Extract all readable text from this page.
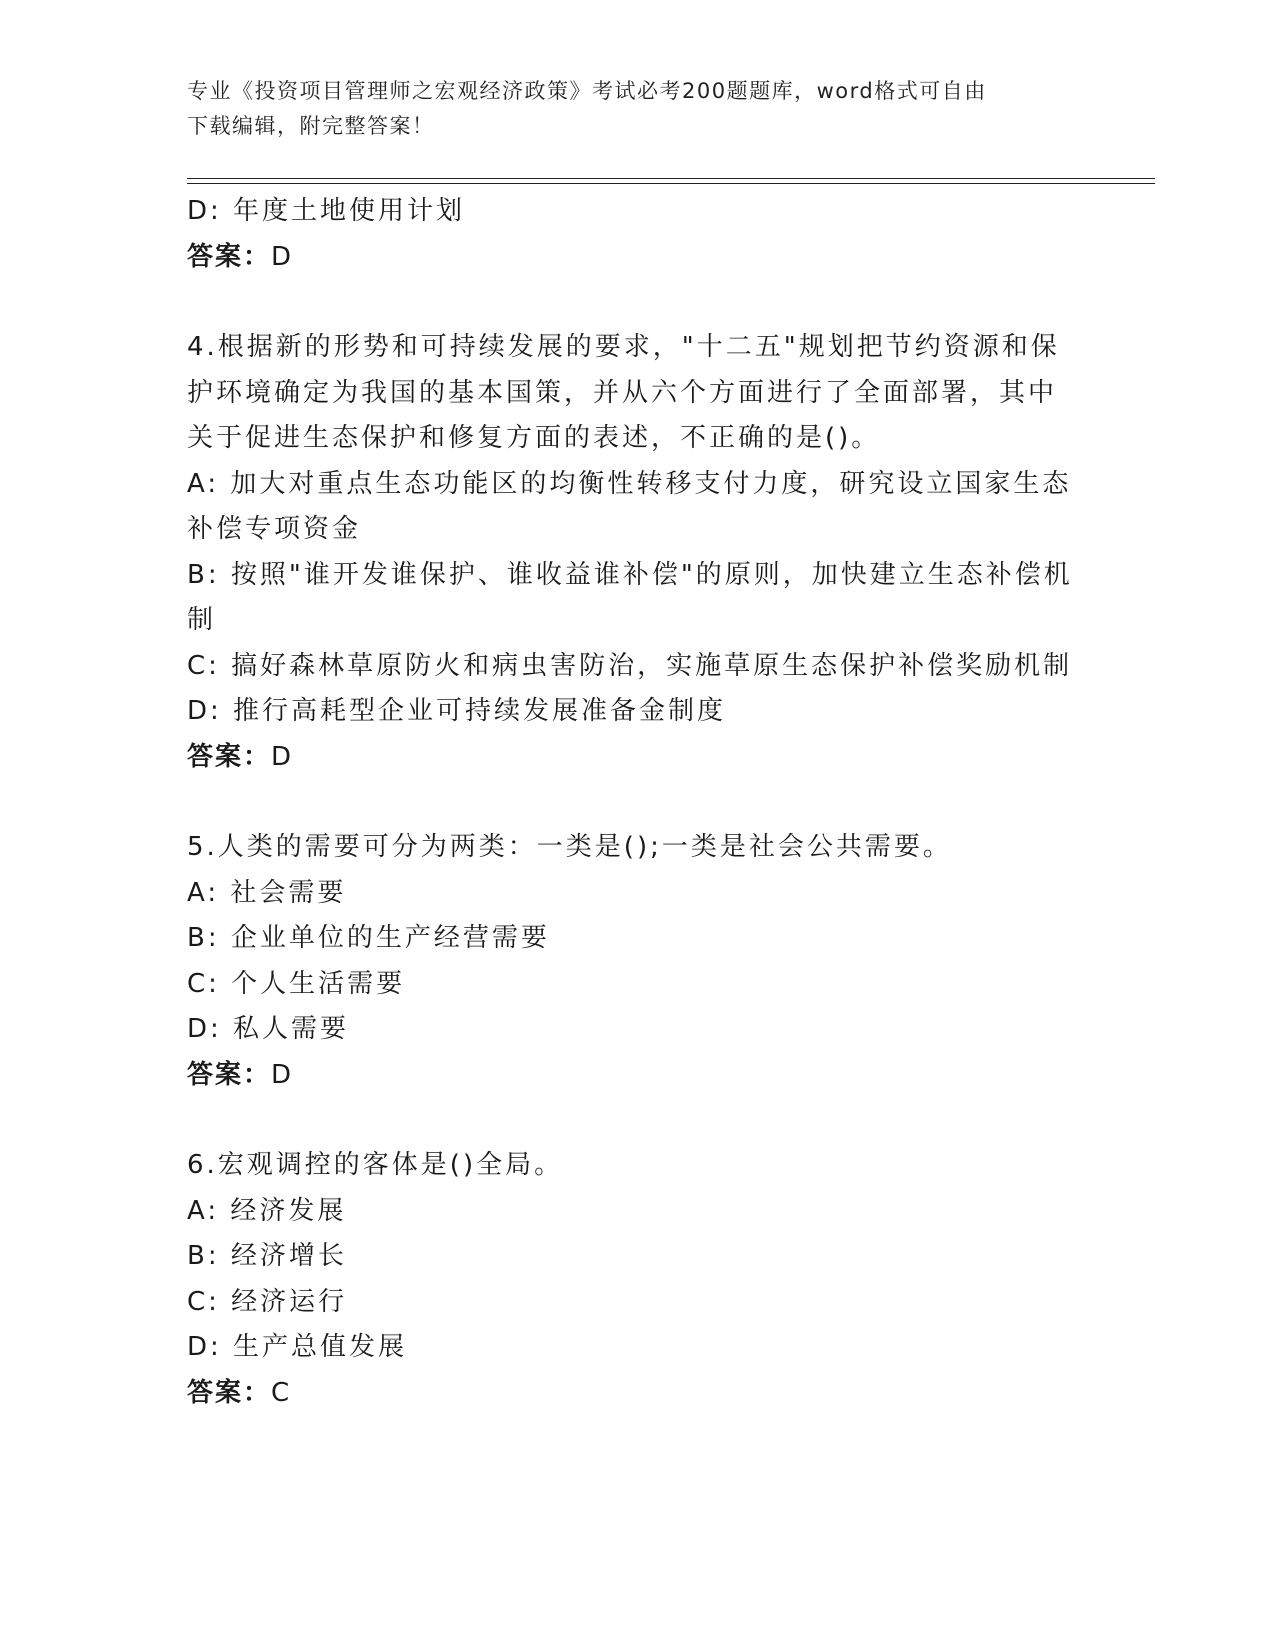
专业《投资项目管理师之宏观经济政策》考试必考200题题库，word格式可自由
下载编辑，附完整答案！
D: 年度土地使用计划
答案：D
4.根据新的形势和可持续发展的要求，"十二五"规划把节约资源和保
护环境确定为我国的基本国策，并从六个方面进行了全面部署，其中
关于促进生态保护和修复方面的表述，不正确的是()。
A: 加大对重点生态功能区的均衡性转移支付力度，研究设立国家生态
补偿专项资金
B: 按照"谁开发谁保护、谁收益谁补偿"的原则，加快建立生态补偿机
制
C: 搞好森林草原防火和病虫害防治，实施草原生态保护补偿奖励机制
D: 推行高耗型企业可持续发展准备金制度
答案：D
5.人类的需要可分为两类：一类是();一类是社会公共需要。
A: 社会需要
B: 企业单位的生产经营需要
C: 个人生活需要
D: 私人需要
答案：D
6.宏观调控的客体是()全局。
A: 经济发展
B: 经济增长
C: 经济运行
D: 生产总值发展
答案：C
